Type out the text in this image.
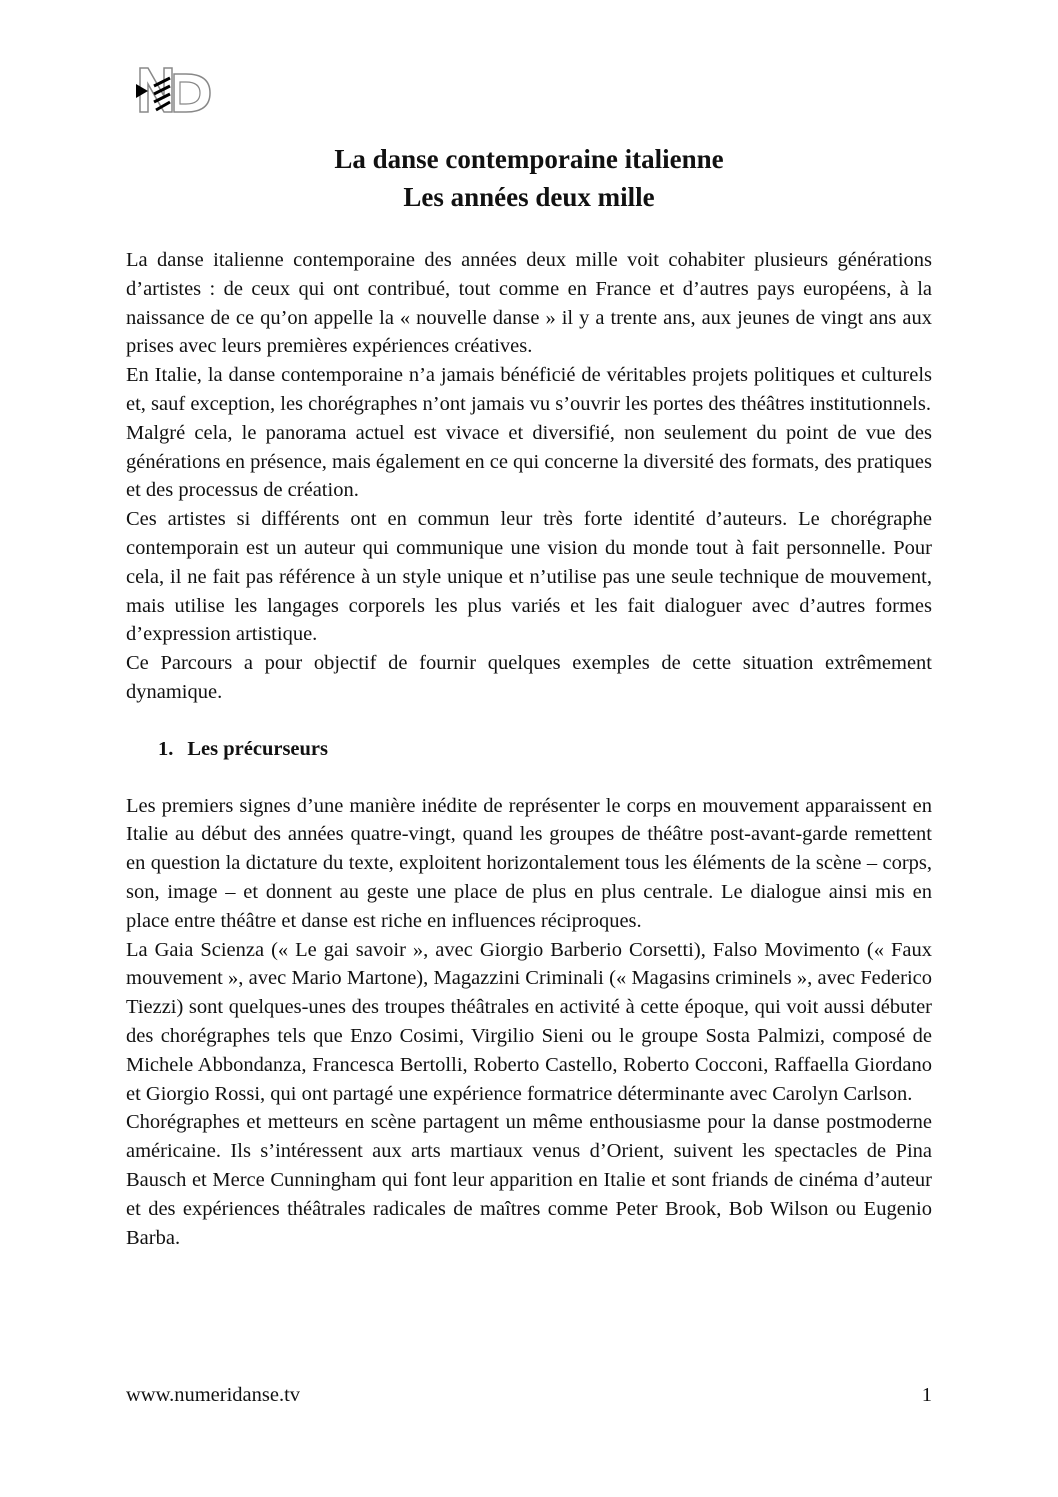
La danse contemporaine italienne
Les années deux mille

La danse italienne contemporaine des années deux mille voit cohabiter plusieurs générations d’artistes : de ceux qui ont contribué, tout comme en France et d’autres pays européens, à la naissance de ce qu’on appelle la « nouvelle danse » il y a trente ans, aux jeunes de vingt ans aux prises avec leurs premières expériences créatives.

En Italie, la danse contemporaine n’a jamais bénéficié de véritables projets politiques et culturels et, sauf exception, les chorégraphes n’ont jamais vu s’ouvrir les portes des théâtres institutionnels.

Malgré cela, le panorama actuel est vivace et diversifié, non seulement du point de vue des générations en présence, mais également en ce qui concerne la diversité des formats, des pratiques et des processus de création.

Ces artistes si différents ont en commun leur très forte identité d’auteurs. Le chorégraphe contemporain est un auteur qui communique une vision du monde tout à fait personnelle. Pour cela, il ne fait pas référence à un style unique et n’utilise pas une seule technique de mouvement, mais utilise les langages corporels les plus variés et les fait dialoguer avec d’autres formes d’expression artistique.

Ce Parcours a pour objectif de fournir quelques exemples de cette situation extrêmement dynamique.

1. Les précurseurs

Les premiers signes d’une manière inédite de représenter le corps en mouvement apparaissent en Italie au début des années quatre-vingt, quand les groupes de théâtre post-avant-garde remettent en question la dictature du texte, exploitent horizontalement tous les éléments de la scène – corps, son, image – et donnent au geste une place de plus en plus centrale. Le dialogue ainsi mis en place entre théâtre et danse est riche en influences réciproques.

La Gaia Scienza (« Le gai savoir », avec Giorgio Barberio Corsetti), Falso Movimento (« Faux mouvement », avec Mario Martone), Magazzini Criminali (« Magasins criminels », avec Federico Tiezzi) sont quelques-unes des troupes théâtrales en activité à cette époque, qui voit aussi débuter des chorégraphes tels que Enzo Cosimi, Virgilio Sieni ou le groupe Sosta Palmizi, composé de Michele Abbondanza, Francesca Bertolli, Roberto Castello, Roberto Cocconi, Raffaella Giordano et Giorgio Rossi, qui ont partagé une expérience formatrice déterminante avec Carolyn Carlson.

Chorégraphes et metteurs en scène partagent un même enthousiasme pour la danse postmoderne américaine. Ils s’intéressent aux arts martiaux venus d’Orient, suivent les spectacles de Pina Bausch et Merce Cunningham qui font leur apparition en Italie et sont friands de cinéma d’auteur et des expériences théâtrales radicales de maîtres comme Peter Brook, Bob Wilson ou Eugenio Barba.

www.numeridanse.tv	1
